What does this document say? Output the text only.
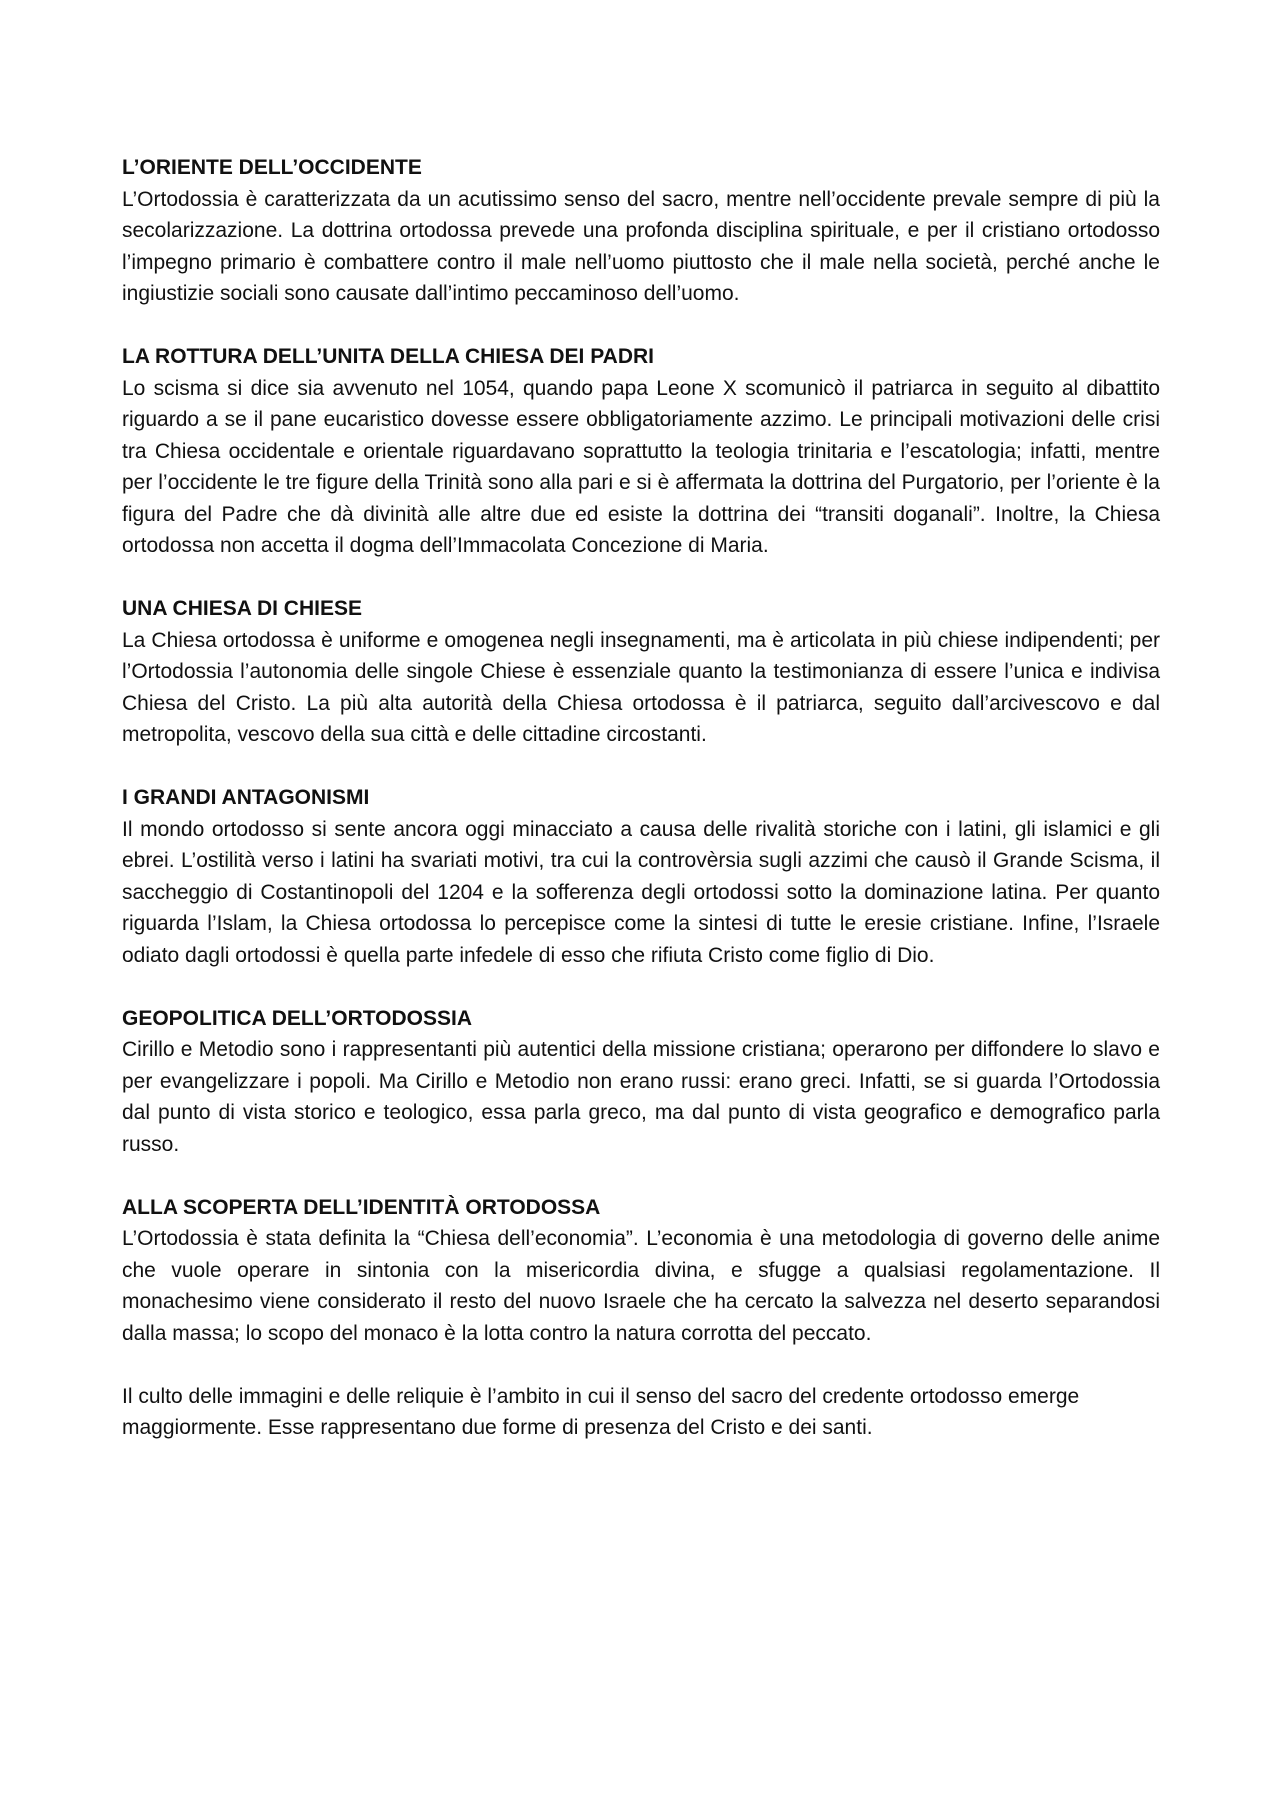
L’ORIENTE DELL’OCCIDENTE

L’Ortodossia è caratterizzata da un acutissimo senso del sacro, mentre nell’occidente prevale sempre di più la secolarizzazione. La dottrina ortodossa prevede una profonda disciplina spirituale, e per il cristiano ortodosso l’impegno primario è combattere contro il male nell’uomo piuttosto che il male nella società, perché anche le ingiustizie sociali sono causate dall’intimo peccaminoso dell’uomo.

LA ROTTURA DELL’UNITA DELLA CHIESA DEI PADRI

Lo scisma si dice sia avvenuto nel 1054, quando papa Leone X scomunicò il patriarca in seguito al dibattito riguardo a se il pane eucaristico dovesse essere obbligatoriamente azzimo. Le principali motivazioni delle crisi tra Chiesa occidentale e orientale riguardavano soprattutto la teologia trinitaria e l’escatologia; infatti, mentre per l’occidente le tre figure della Trinità sono alla pari e si è affermata la dottrina del Purgatorio, per l’oriente è la figura del Padre che dà divinità alle altre due ed esiste la dottrina dei “transiti doganali”. Inoltre, la Chiesa ortodossa non accetta il dogma dell’Immacolata Concezione di Maria.

UNA CHIESA DI CHIESE

La Chiesa ortodossa è uniforme e omogenea negli insegnamenti, ma è articolata in più chiese indipendenti; per l’Ortodossia l’autonomia delle singole Chiese è essenziale quanto la testimonianza di essere l’unica e indivisa Chiesa del Cristo. La più alta autorità della Chiesa ortodossa è il patriarca, seguito dall’arcivescovo e dal metropolita, vescovo della sua città e delle cittadine circostanti.

I GRANDI ANTAGONISMI

Il mondo ortodosso si sente ancora oggi minacciato a causa delle rivalità storiche con i latini, gli islamici e gli ebrei. L’ostilità verso i latini ha svariati motivi, tra cui la controvèrsia sugli azzimi che causò il Grande Scisma, il saccheggio di Costantinopoli del 1204 e la sofferenza degli ortodossi sotto la dominazione latina. Per quanto riguarda l’Islam, la Chiesa ortodossa lo percepisce come la sintesi di tutte le eresie cristiane. Infine, l’Israele odiato dagli ortodossi è quella parte infedele di esso che rifiuta Cristo come figlio di Dio.

GEOPOLITICA DELL’ORTODOSSIA

Cirillo e Metodio sono i rappresentanti più autentici della missione cristiana; operarono per diffondere lo slavo e per evangelizzare i popoli. Ma Cirillo e Metodio non erano russi: erano greci. Infatti, se si guarda l’Ortodossia dal punto di vista storico e teologico, essa parla greco, ma dal punto di vista geografico e demografico parla russo.

ALLA SCOPERTA DELL’IDENTITÀ ORTODOSSA

L’Ortodossia è stata definita la “Chiesa dell’economia”. L’economia è una metodologia di governo delle anime che vuole operare in sintonia con la misericordia divina, e sfugge a qualsiasi regolamentazione. Il monachesimo viene considerato il resto del nuovo Israele che ha cercato la salvezza nel deserto separandosi dalla massa; lo scopo del monaco è la lotta contro la natura corrotta del peccato.

Il culto delle immagini e delle reliquie è l’ambito in cui il senso del sacro del credente ortodosso emerge maggiormente. Esse rappresentano due forme di presenza del Cristo e dei santi.
